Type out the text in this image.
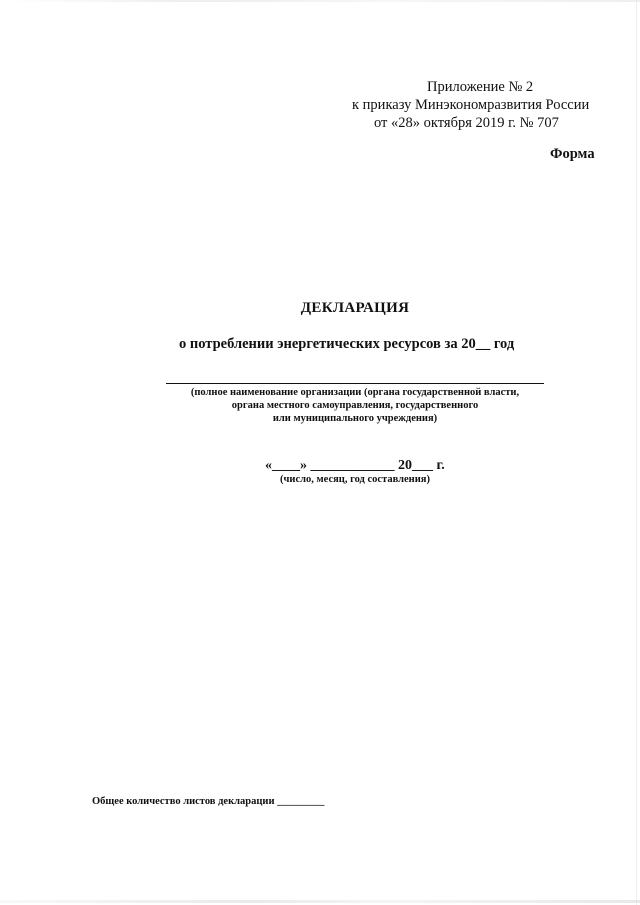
Приложение № 2
к приказу Минэкономразвития России
от «28» октября 2019 г. № 707
Форма
ДЕКЛАРАЦИЯ
о потреблении энергетических ресурсов за 20__ год
(полное наименование организации (органа государственной власти,
органа местного самоуправления, государственного
или муниципального учреждения)
«____» ____________ 20___ г.
(число, месяц, год составления)
Общее количество листов декларации _________
